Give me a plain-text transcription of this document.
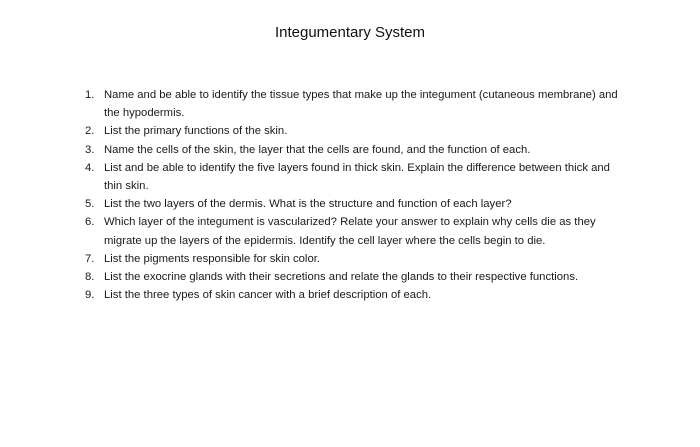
Integumentary System
1. Name and be able to identify the tissue types that make up the integument (cutaneous membrane) and the hypodermis.
2. List the primary functions of the skin.
3. Name the cells of the skin, the layer that the cells are found, and the function of each.
4. List and be able to identify the five layers found in thick skin. Explain the difference between thick and thin skin.
5. List the two layers of the dermis. What is the structure and function of each layer?
6. Which layer of the integument is vascularized? Relate your answer to explain why cells die as they migrate up the layers of the epidermis. Identify the cell layer where the cells begin to die.
7. List the pigments responsible for skin color.
8. List the exocrine glands with their secretions and relate the glands to their respective functions.
9. List the three types of skin cancer with a brief description of each.
